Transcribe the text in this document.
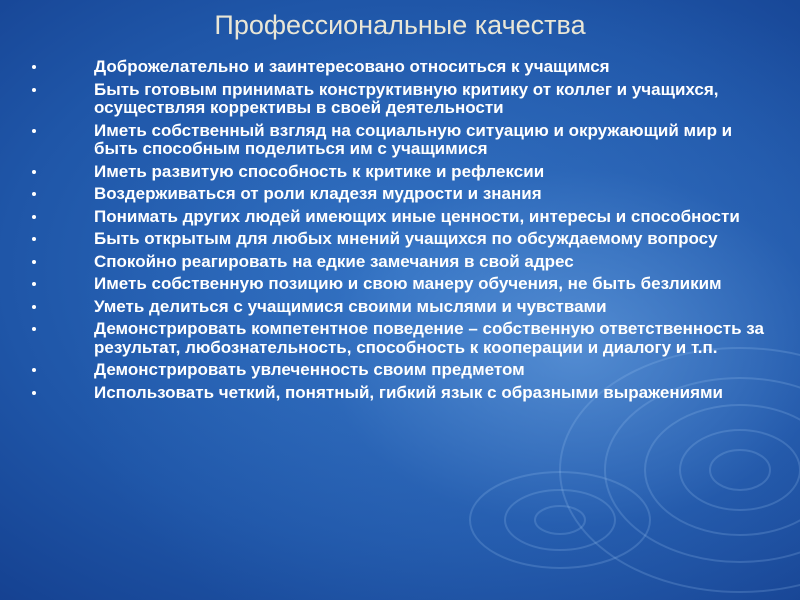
Профессиональные качества
Доброжелательно и заинтересовано относиться к учащимся
Быть готовым принимать конструктивную критику от коллег и учащихся, осуществляя коррективы в своей деятельности
Иметь собственный взгляд на социальную ситуацию и окружающий мир и быть способным поделиться им с учащимися
Иметь развитую способность к критике и рефлексии
Воздерживаться от роли кладезя мудрости и знания
Понимать других людей имеющих иные ценности, интересы и способности
Быть открытым для любых мнений учащихся по обсуждаемому вопросу
Спокойно реагировать на едкие замечания в свой адрес
Иметь собственную позицию и свою манеру обучения, не быть безликим
Уметь делиться с учащимися своими мыслями и чувствами
Демонстрировать компетентное поведение – собственную ответственность за результат, любознательность, способность к кооперации и диалогу и т.п.
Демонстрировать увлеченность своим предметом
Использовать четкий, понятный, гибкий язык с образными выражениями
